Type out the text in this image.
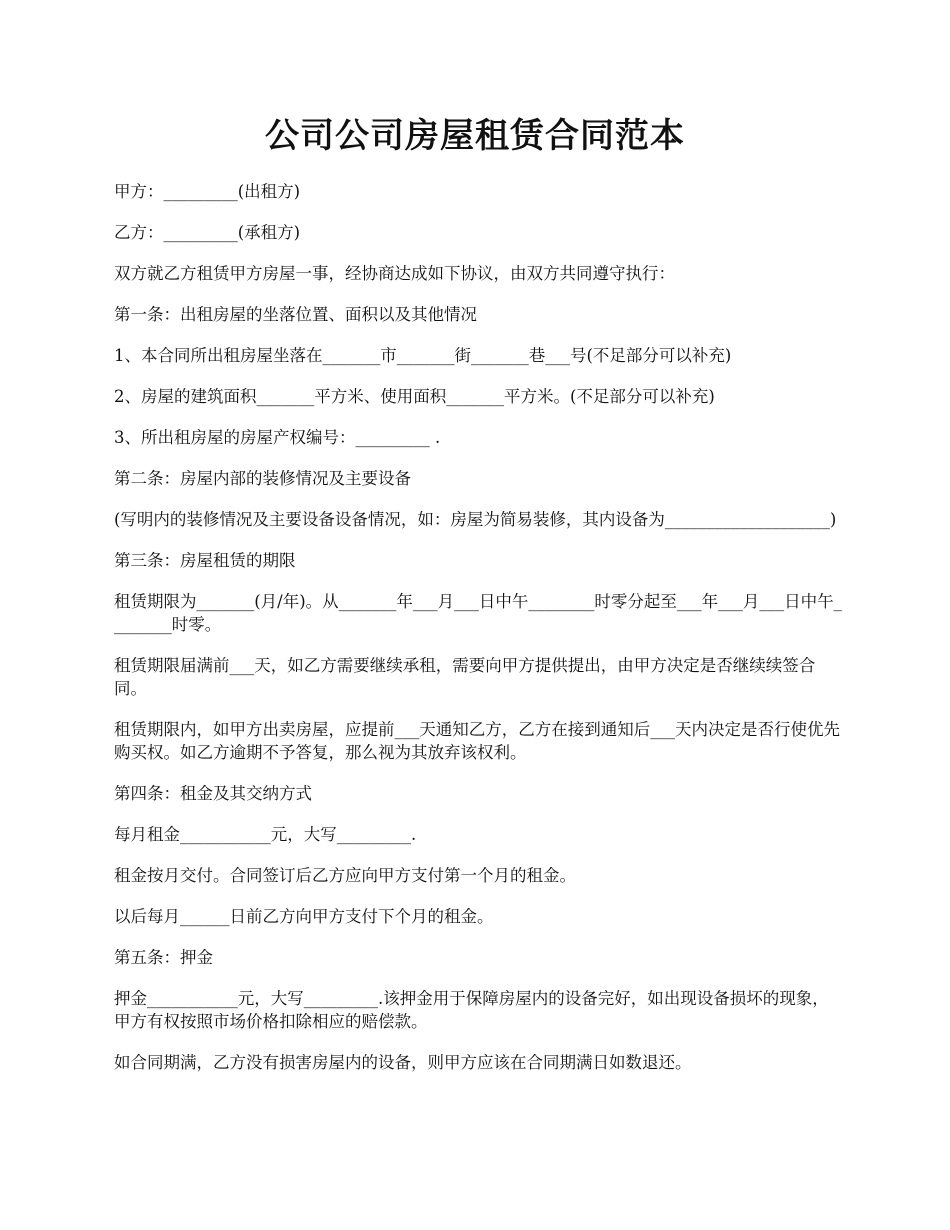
公司公司房屋租赁合同范本

甲方：_________(出租方)

乙方：_________(承租方)

双方就乙方租赁甲方房屋一事，经协商达成如下协议，由双方共同遵守执行：

第一条：出租房屋的坐落位置、面积以及其他情况

1、本合同所出租房屋坐落在_______市_______街_______巷___号(不足部分可以补充)

2、房屋的建筑面积_______平方米、使用面积_______平方米。(不足部分可以补充)

3、所出租房屋的房屋产权编号：_________ .

第二条：房屋内部的装修情况及主要设备

(写明内的装修情况及主要设备设备情况，如：房屋为简易装修，其内设备为____________________)

第三条：房屋租赁的期限

租赁期限为_______(月/年)。从_______年___月___日中午________时零分起至___年___月___日中午________时零。

租赁期限届满前___天，如乙方需要继续承租，需要向甲方提供提出，由甲方决定是否继续续签合同。

租赁期限内，如甲方出卖房屋，应提前___天通知乙方，乙方在接到通知后___天内决定是否行使优先购买权。如乙方逾期不予答复，那么视为其放弃该权利。

第四条：租金及其交纳方式

每月租金___________元，大写_________.

租金按月交付。合同签订后乙方应向甲方支付第一个月的租金。

以后每月______日前乙方向甲方支付下个月的租金。

第五条：押金

押金___________元，大写_________.该押金用于保障房屋内的设备完好，如出现设备损坏的现象，甲方有权按照市场价格扣除相应的赔偿款。

如合同期满，乙方没有损害房屋内的设备，则甲方应该在合同期满日如数退还。
